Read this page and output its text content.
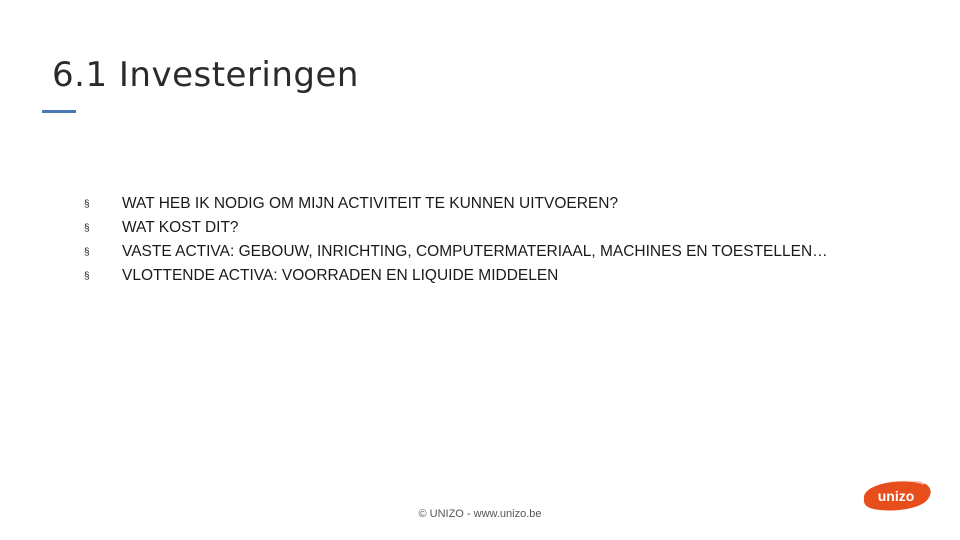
6.1 Investeringen
§	WAT HEB IK NODIG OM MIJN ACTIVITEIT TE KUNNEN UITVOEREN?
§	WAT KOST DIT?
§	VASTE ACTIVA: GEBOUW, INRICHTING, COMPUTERMATERIAAL, MACHINES EN TOESTELLEN…
§	VLOTTENDE ACTIVA: VOORRADEN EN LIQUIDE MIDDELEN
© UNIZO - www.unizo.be
unizo
